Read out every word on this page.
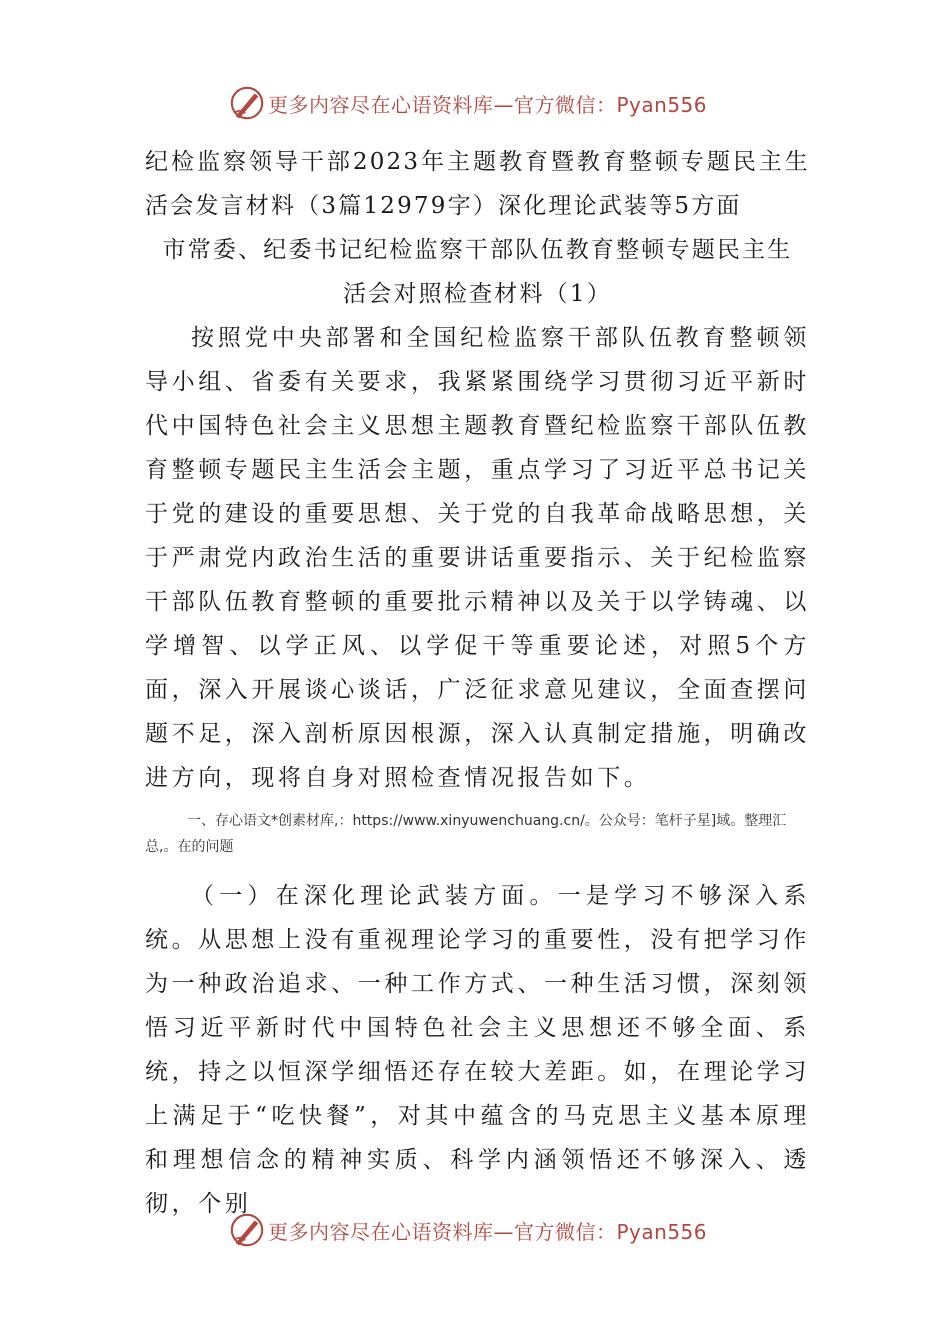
更多内容尽在心语资料库—官方微信：Pyan556
纪检监察领导干部2023年主题教育暨教育整顿专题民主生活会发言材料（3篇12979字）深化理论武装等5方面
市常委、纪委书记纪检监察干部队伍教育整顿专题民主生
活会对照检查材料（1）

按照党中央部署和全国纪检监察干部队伍教育整顿领导小组、省委有关要求，我紧紧围绕学习贯彻习近平新时代中国特色社会主义思想主题教育暨纪检监察干部队伍教育整顿专题民主生活会主题，重点学习了习近平总书记关于党的建设的重要思想、关于党的自我革命战略思想，关于严肃党内政治生活的重要讲话重要指示、关于纪检监察干部队伍教育整顿的重要批示精神以及关于以学铸魂、以学增智、以学正风、以学促干等重要论述，对照5个方面，深入开展谈心谈话，广泛征求意见建议，全面查摆问题不足，深入剖析原因根源，深入认真制定措施，明确改进方向，现将自身对照检查情况报告如下。

一、存心语文*创素材库,：https://www.xinyuwenchuang.cn/。公众号：笔杆子星]域。整理汇总,。在的问题

（一）在深化理论武装方面。一是学习不够深入系统。从思想上没有重视理论学习的重要性，没有把学习作为一种政治追求、一种工作方式、一种生活习惯，深刻领悟习近平新时代中国特色社会主义思想还不够全面、系统，持之以恒深学细悟还存在较大差距。如，在理论学习上满足于“吃快餐”，对其中蕴含的马克思主义基本原理和理想信念的精神实质、科学内涵领悟还不够深入、透彻，个别

更多内容尽在心语资料库—官方微信：Pyan556
